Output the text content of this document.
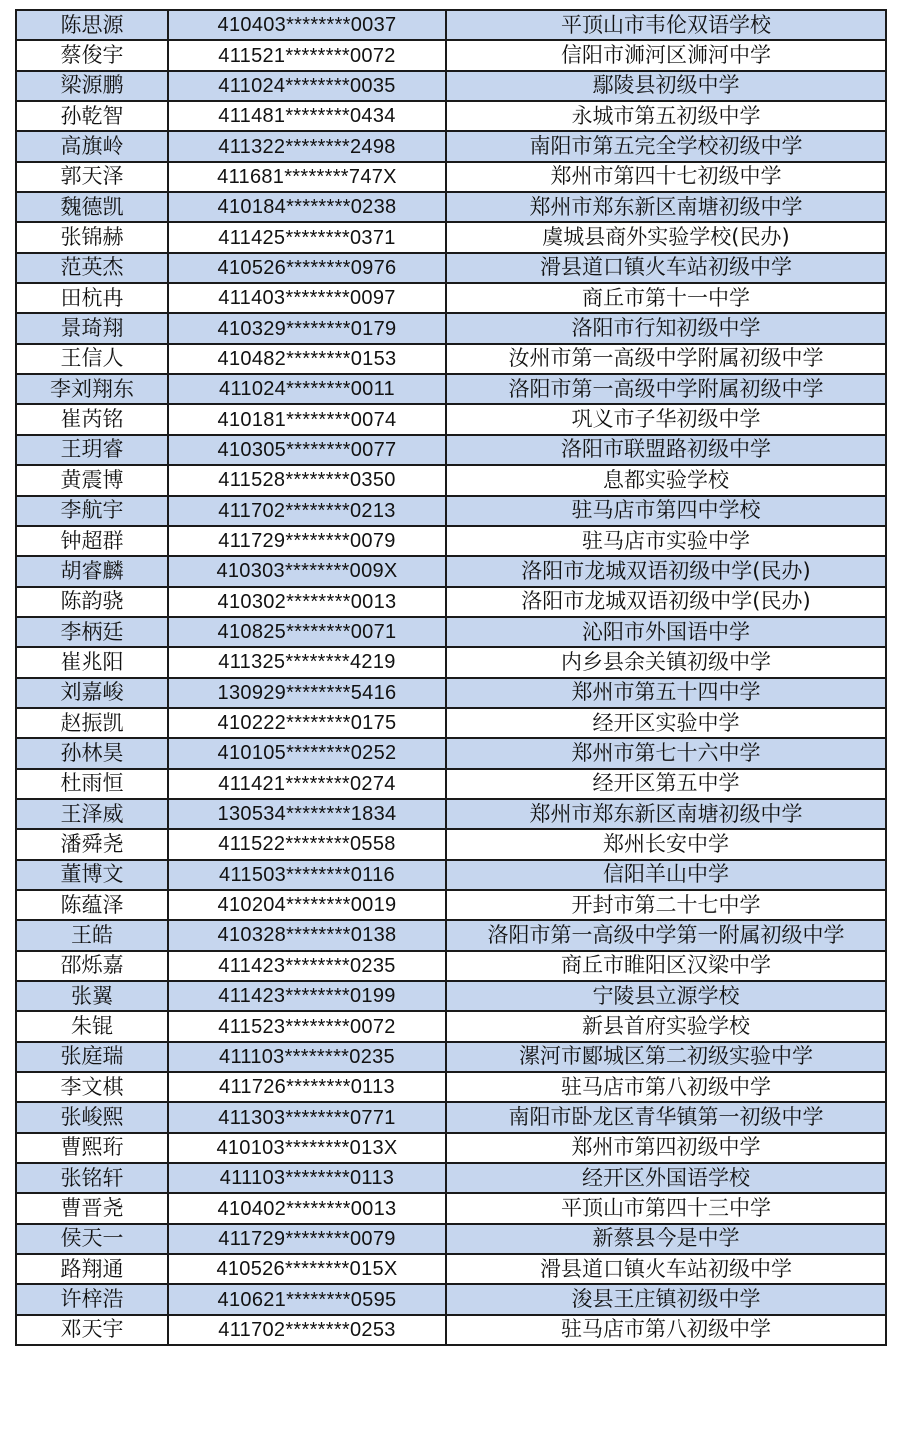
陈思源	410403********0037	平顶山市韦伦双语学校
蔡俊宇	411521********0072	信阳市浉河区浉河中学
梁源鹏	411024********0035	鄢陵县初级中学
孙乾智	411481********0434	永城市第五初级中学
高旗岭	411322********2498	南阳市第五完全学校初级中学
郭天泽	411681********747X	郑州市第四十七初级中学
魏德凯	410184********0238	郑州市郑东新区南塘初级中学
张锦赫	411425********0371	虞城县商外实验学校(民办)
范英杰	410526********0976	滑县道口镇火车站初级中学
田杭冉	411403********0097	商丘市第十一中学
景琦翔	410329********0179	洛阳市行知初级中学
王信人	410482********0153	汝州市第一高级中学附属初级中学
李刘翔东	411024********0011	洛阳市第一高级中学附属初级中学
崔芮铭	410181********0074	巩义市子华初级中学
王玥睿	410305********0077	洛阳市联盟路初级中学
黄震博	411528********0350	息都实验学校
李航宇	411702********0213	驻马店市第四中学校
钟超群	411729********0079	驻马店市实验中学
胡睿麟	410303********009X	洛阳市龙城双语初级中学(民办)
陈韵骁	410302********0013	洛阳市龙城双语初级中学(民办)
李柄廷	410825********0071	沁阳市外国语中学
崔兆阳	411325********4219	内乡县余关镇初级中学
刘嘉峻	130929********5416	郑州市第五十四中学
赵振凯	410222********0175	经开区实验中学
孙林昊	410105********0252	郑州市第七十六中学
杜雨恒	411421********0274	经开区第五中学
王泽威	130534********1834	郑州市郑东新区南塘初级中学
潘舜尧	411522********0558	郑州长安中学
董博文	411503********0116	信阳羊山中学
陈蕴泽	410204********0019	开封市第二十七中学
王皓	410328********0138	洛阳市第一高级中学第一附属初级中学
邵烁嘉	411423********0235	商丘市睢阳区汉梁中学
张翼	411423********0199	宁陵县立源学校
朱锟	411523********0072	新县首府实验学校
张庭瑞	411103********0235	漯河市郾城区第二初级实验中学
李文棋	411726********0113	驻马店市第八初级中学
张峻熙	411303********0771	南阳市卧龙区青华镇第一初级中学
曹熙珩	410103********013X	郑州市第四初级中学
张铭轩	411103********0113	经开区外国语学校
曹晋尧	410402********0013	平顶山市第四十三中学
侯天一	411729********0079	新蔡县今是中学
路翔通	410526********015X	滑县道口镇火车站初级中学
许梓浩	410621********0595	浚县王庄镇初级中学
邓天宇	411702********0253	驻马店市第八初级中学
